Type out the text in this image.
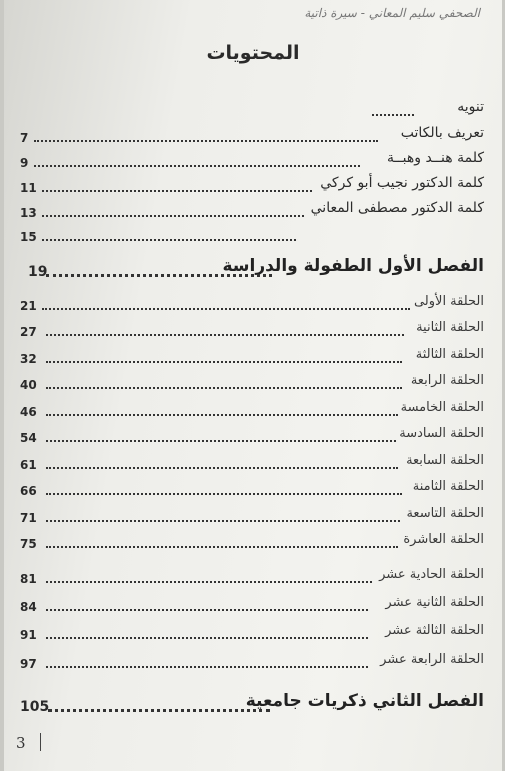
الصحفي سليم المعاني - سيرة ذاتية
المحتويات
تنويه
تعريف بالكاتب
7
كلمة هنــد وهبــة
9
كلمة الدكتور نجيب أبو كركي
11
كلمة الدكتور مصطفى المعاني
13
15
الفصل الأول الطفولة والدراسة
19
الحلقة الأولى
21
الحلقة الثانية
27
الحلقة الثالثة
32
الحلقة الرابعة
40
الحلقة الخامسة
46
الحلقة السادسة
54
الحلقة السابعة
61
الحلقة الثامنة
66
الحلقة التاسعة
71
الحلقة العاشرة
75
الحلقة الحادية عشر
81
الحلقة الثانية عشر
84
الحلقة الثالثة عشر
91
الحلقة الرابعة عشر
97
الفصل الثاني ذكريات جامعية
105
3
